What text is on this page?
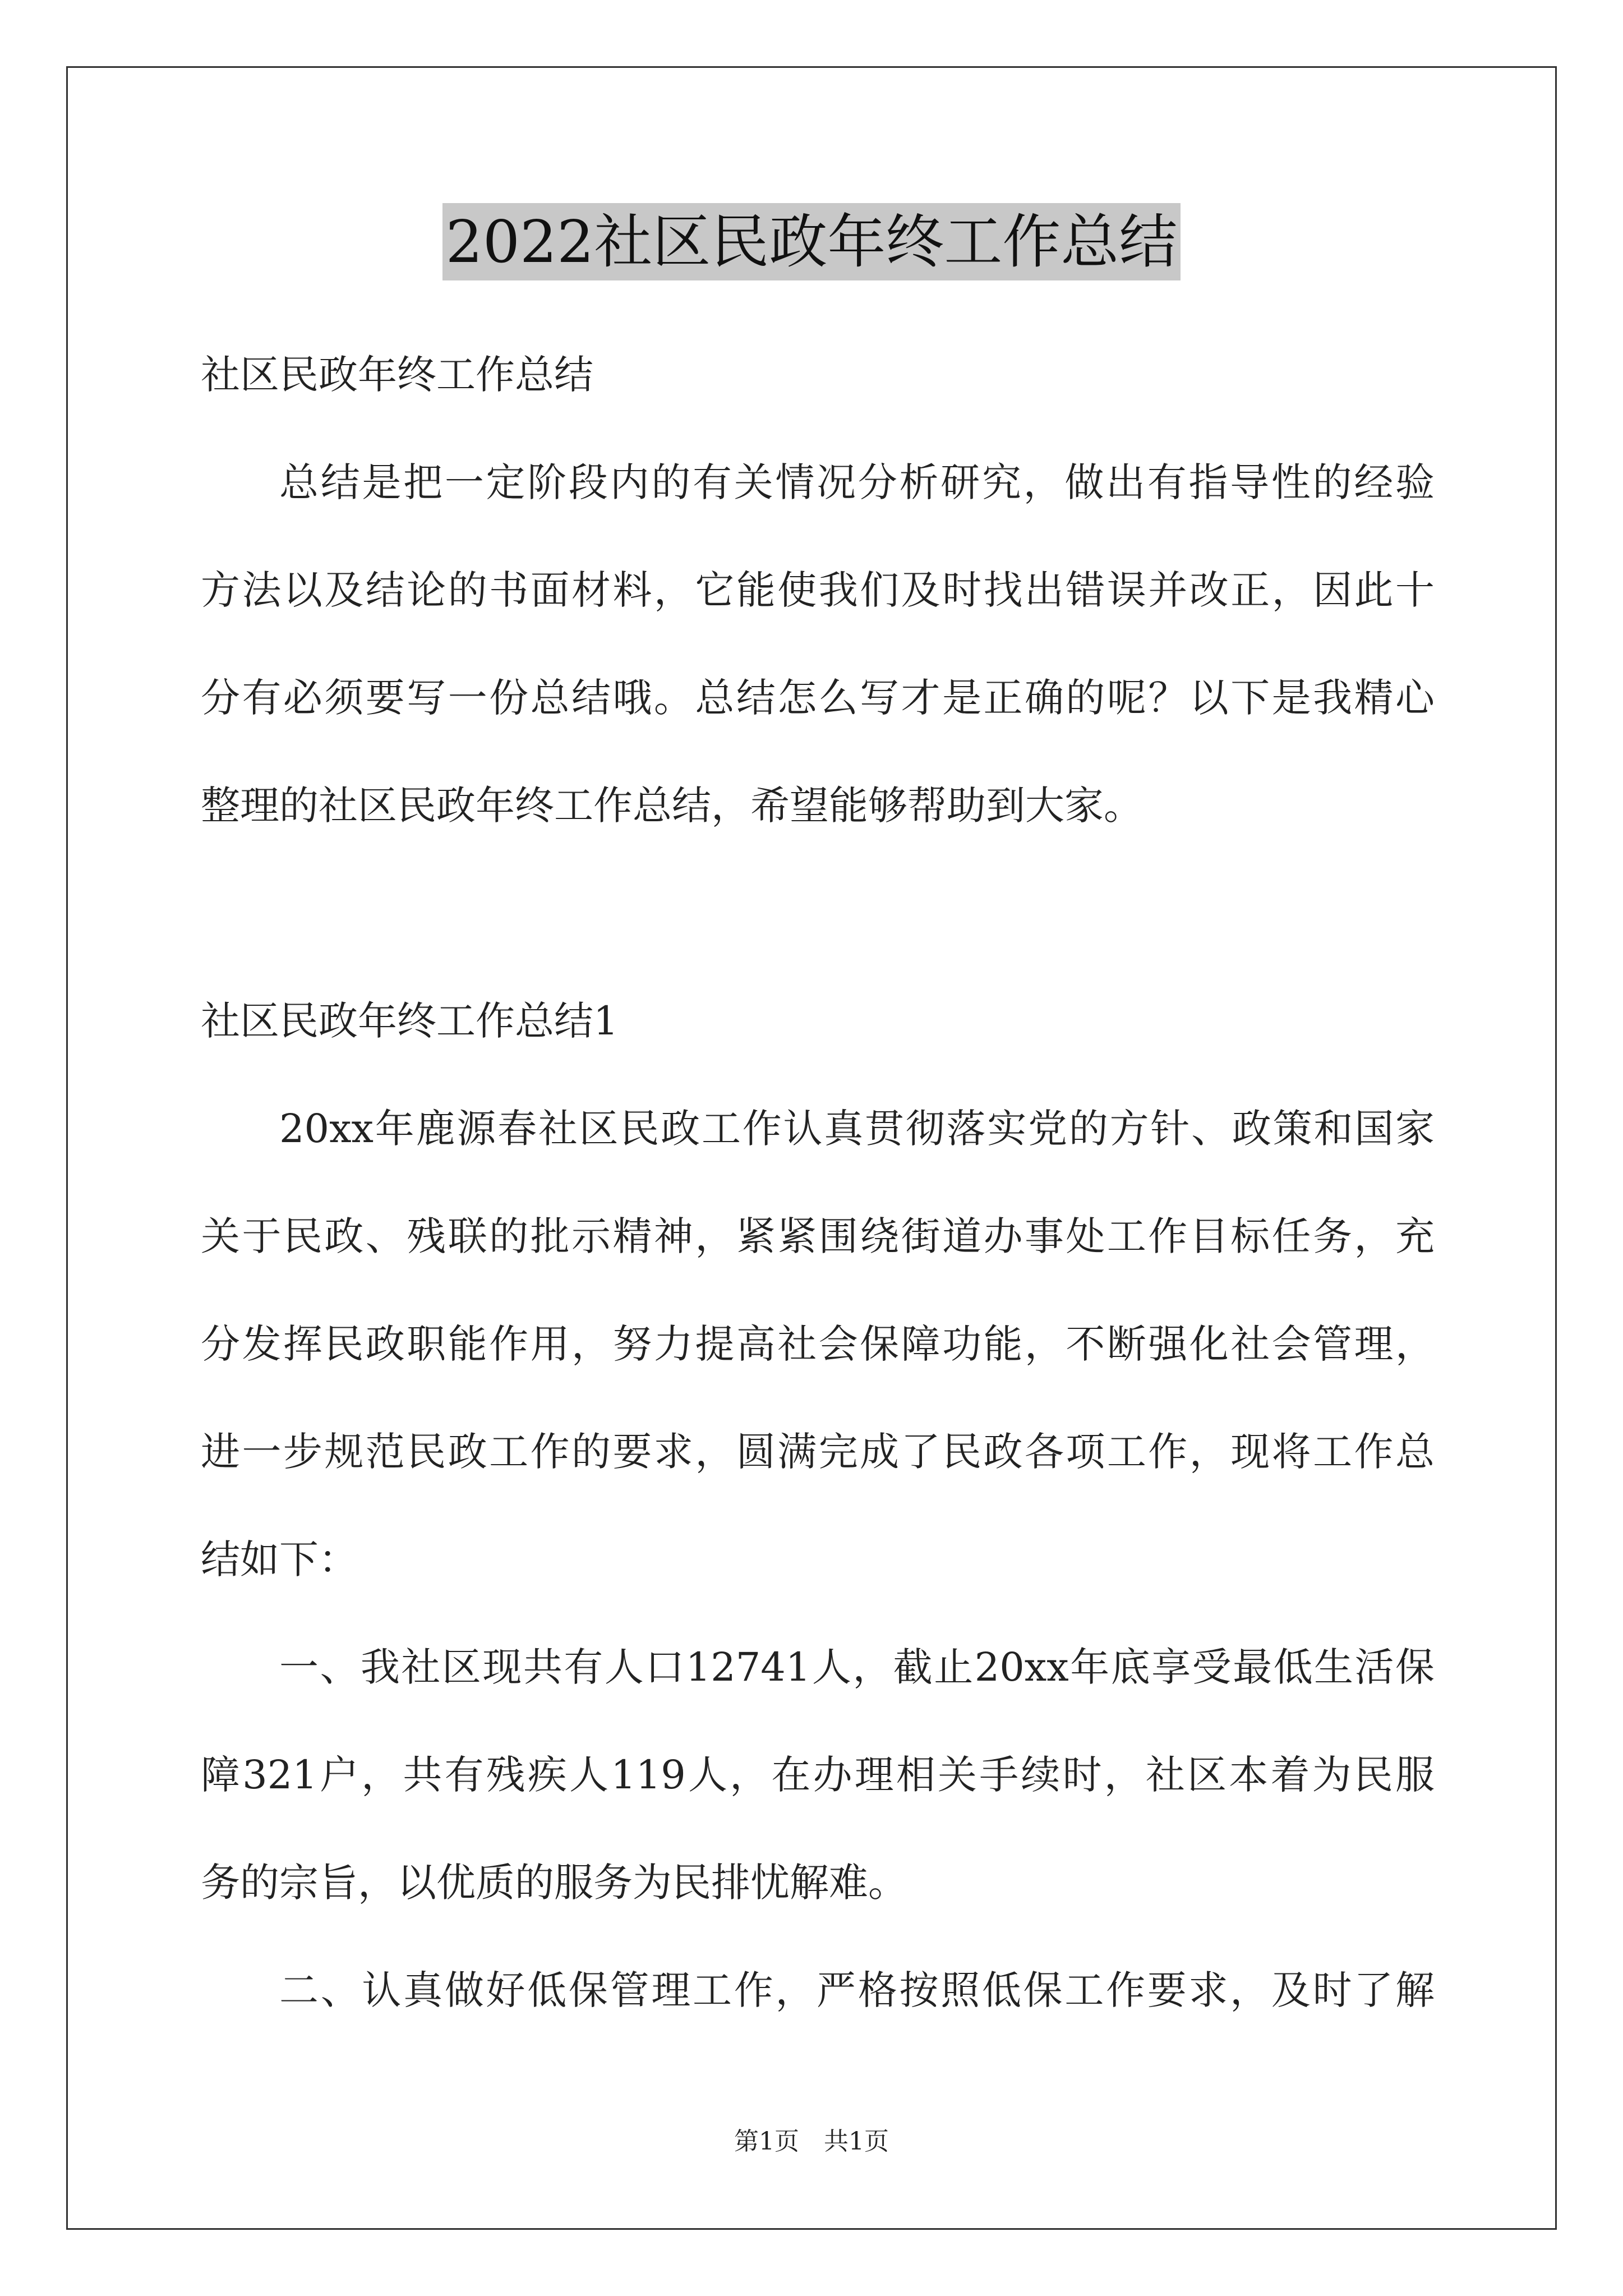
2022社区民政年终工作总结
社区民政年终工作总结
总结是把一定阶段内的有关情况分析研究，做出有指导性的经验
方法以及结论的书面材料，它能使我们及时找出错误并改正，因此十
分有必须要写一份总结哦。总结怎么写才是正确的呢？以下是我精心
整理的社区民政年终工作总结，希望能够帮助到大家。
社区民政年终工作总结1
20xx年鹿源春社区民政工作认真贯彻落实党的方针、政策和国家
关于民政、残联的批示精神，紧紧围绕街道办事处工作目标任务，充
分发挥民政职能作用，努力提高社会保障功能，不断强化社会管理，
进一步规范民政工作的要求，圆满完成了民政各项工作，现将工作总
结如下：
一、我社区现共有人口12741人，截止20xx年底享受最低生活保
障321户，共有残疾人119人，在办理相关手续时，社区本着为民服
务的宗旨，以优质的服务为民排忧解难。
二、认真做好低保管理工作，严格按照低保工作要求，及时了解
第1页　共1页
